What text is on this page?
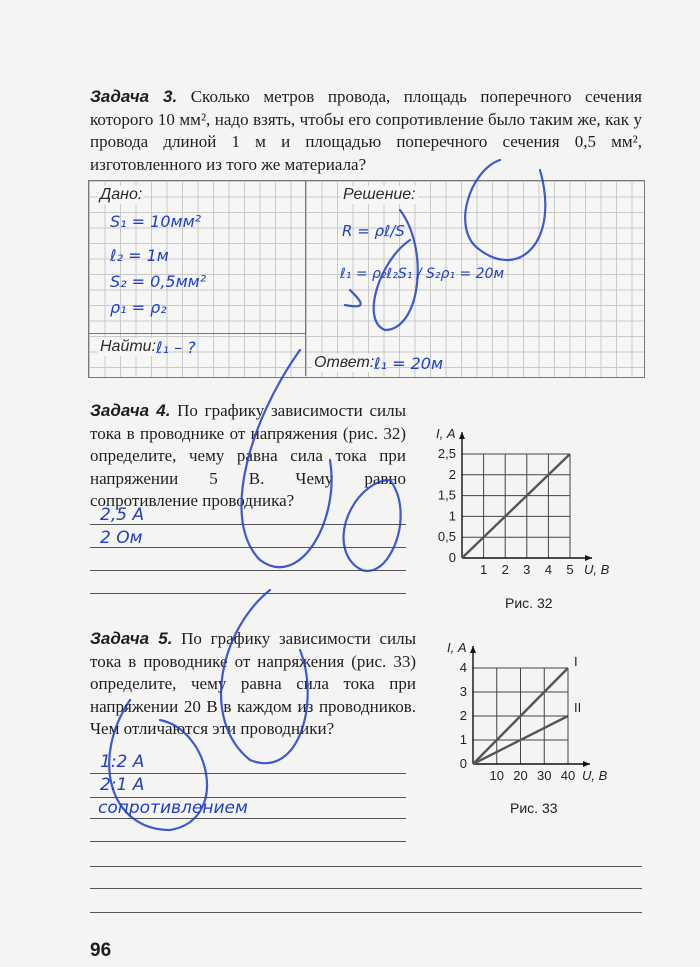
Задача 3. Сколько метров провода, площадь поперечного сечения которого 10 мм², надо взять, чтобы его сопротивление было таким же, как у провода длиной 1 м и площадью поперечного сечения 0,5 мм², изготовленного из того же материала?
Дано:	Решение:
Найти:
Ответ:
S₁ = 10мм²
ℓ₂ = 1м
S₂ = 0,5мм²
ρ₁ = ρ₂
ℓ₁ – ?
R = ρℓ/S
ℓ₁ = ρ₂ℓ₂S₁ / S₂ρ₁ = 20м
ℓ₁ = 20м
Задача 4. По графику зависимости силы тока в проводнике от напряжения (рис. 32) определите, чему равна сила тока при напряжении 5 В. Чему равно сопротивление проводника?
2,5 А
2 Ом
1 2 3 4 5
0,5
1
1,5
2
2,5
0
U, В
I, А
Рис. 32
Задача 5. По графику зависимости силы тока в проводнике от напряжения (рис. 33) определите, чему равна сила тока при напряжении 20 В в каждом из проводников. Чем отличаются эти проводники?
1:2 А
2:1 А
сопротивлением
10 20 30 40
1
2
3
4
0
U, В
I, А
I
II
Рис. 33
96
